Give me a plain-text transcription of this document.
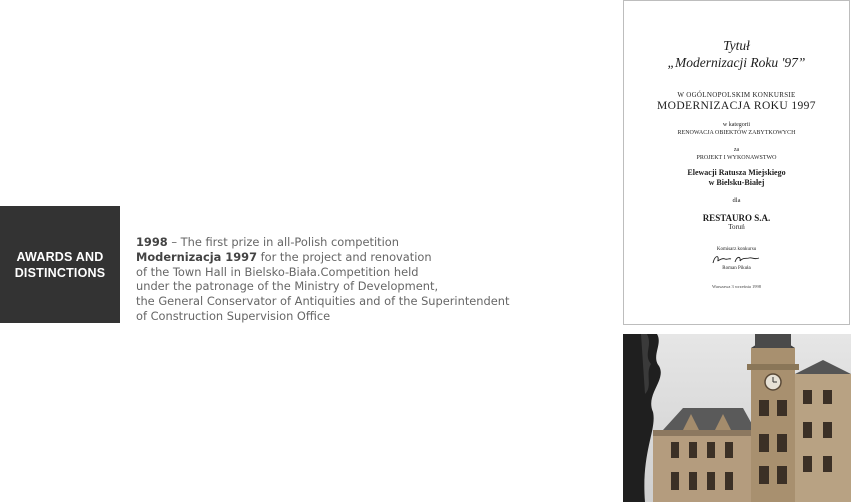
AWARDS AND
DISTINCTIONS
1998 – The first prize in all-Polish competition
Modernizacja 1997 for the project and renovation
of the Town Hall in Bielsko-Biała.Competition held
under the patronage of the Ministry of Development,
the General Conservator of Antiquities and of the Superintendent
of Construction Supervision Office
Tytuł
„Modernizacji Roku '97”
W OGÓLNOPOLSKIM KONKURSIE
MODERNIZACJA ROKU 1997
w kategorii
RENOWACJA OBIEKTÓW ZABYTKOWYCH
za
PROJEKT I WYKONAWSTWO
Elewacji Ratusza Miejskiego
w Bielsku-Białej
dla
RESTAURO S.A.
Toruń
Komisarz konkursu
Roman Pikuła
Warszawa 3 września 1998
